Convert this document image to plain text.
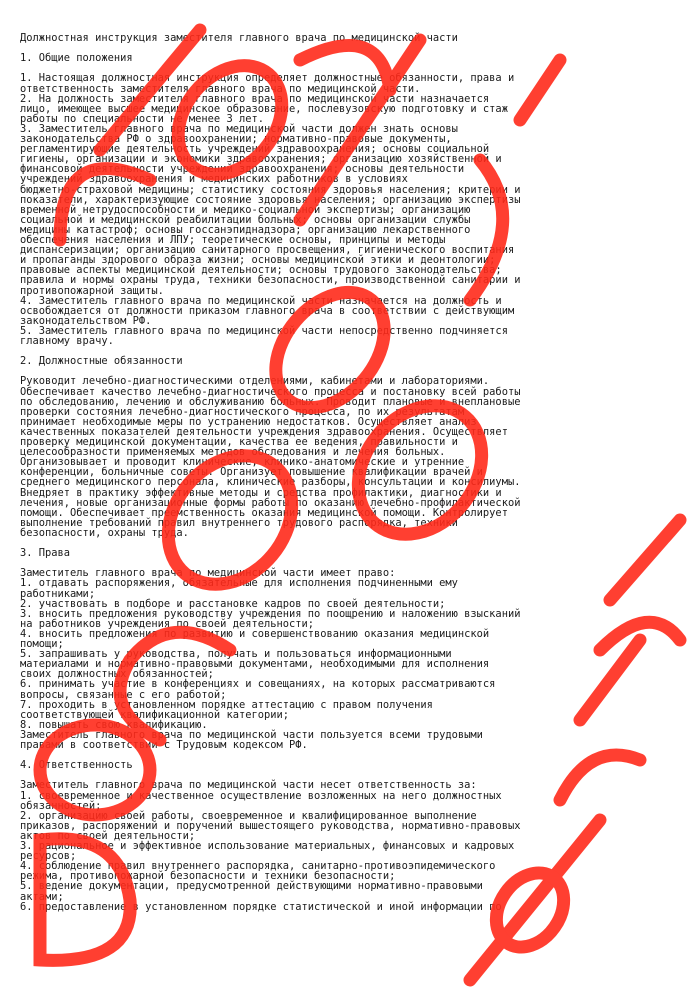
Должностная инструкция заместителя главного врача по медицинской части
1. Общие положения
1. Настоящая должностная инструкция определяет должностные обязанности, права и
ответственность заместителя главного врача по медицинской части.
2. На должность заместителя главного врача по медицинской части назначается
лицо, имеющее высшее медицинское образование, послевузовскую подготовку и стаж
работы по специальности не менее 3 лет.
3. Заместитель главного врача по медицинской части должен знать основы
законодательства РФ о здравоохранении; нормативно-правовые документы,
регламентирующие деятельность учреждений здравоохранения; основы социальной
гигиены, организации и экономики здравоохранения; организацию хозяйственной и
финансовой деятельности учреждений здравоохранения; основы деятельности
учреждений здравоохранения и медицинских работников в условиях
бюджетно-страховой медицины; статистику состояния здоровья населения; критерии и
показатели, характеризующие состояние здоровья населения; организацию экспертизы
временной нетрудоспособности и медико-социальной экспертизы; организацию
социальной и медицинской реабилитации больных; основы организации службы
медицины катастроф; основы госсанэпиднадзора; организацию лекарственного
обеспечения населения и ЛПУ; теоретические основы, принципы и методы
диспансеризации; организацию санитарного просвещения, гигиенического воспитания
и пропаганды здорового образа жизни; основы медицинской этики и деонтологии;
правовые аспекты медицинской деятельности; основы трудового законодательства;
правила и нормы охраны труда, техники безопасности, производственной санитарии и
противопожарной защиты.
4. Заместитель главного врача по медицинской части назначается на должность и
освобождается от должности приказом главного врача в соответствии с действующим
законодательством РФ.
5. Заместитель главного врача по медицинской части непосредственно подчиняется
главному врачу.
2. Должностные обязанности
Руководит лечебно-диагностическими отделениями, кабинетами и лабораториями.
Обеспечивает качество лечебно-диагностического процесса и постановку всей работы
по обследованию, лечению и обслуживанию больных. Проводит плановые и внеплановые
проверки состояния лечебно-диагностического процесса, по их результатам
принимает необходимые меры по устранению недостатков. Осуществляет анализ
качественных показателей деятельности учреждения здравоохранения. Осуществляет
проверку медицинской документации, качества ее ведения, правильности и
целесообразности применяемых методов обследования и лечения больных.
Организовывает и проводит клинические, клинико-анатомические и утренние
конференции, больничные советы. Организует повышение квалификации врачей и
среднего медицинского персонала, клинические разборы, консультации и консилиумы.
Внедряет в практику эффективные методы и средства профилактики, диагностики и
лечения, новые организационные формы работы по оказанию лечебно-профилактической
помощи. Обеспечивает преемственность оказания медицинской помощи. Контролирует
выполнение требований правил внутреннего трудового распорядка, техники
безопасности, охраны труда.
3. Права
Заместитель главного врача по медицинской части имеет право:
1. отдавать распоряжения, обязательные для исполнения подчиненными ему
работниками;
2. участвовать в подборе и расстановке кадров по своей деятельности;
3. вносить предложения руководству учреждения по поощрению и наложению взысканий
на работников учреждения по своей деятельности;
4. вносить предложения по развитию и совершенствованию оказания медицинской
помощи;
5. запрашивать у руководства, получать и пользоваться информационными
материалами и нормативно-правовыми документами, необходимыми для исполнения
своих должностных обязанностей;
6. принимать участие в конференциях и совещаниях, на которых рассматриваются
вопросы, связанные с его работой;
7. проходить в установленном порядке аттестацию с правом получения
соответствующей квалификационной категории;
8. повышать свою квалификацию.
Заместитель главного врача по медицинской части пользуется всеми трудовыми
правами в соответствии с Трудовым кодексом РФ.
4. Ответственность
Заместитель главного врача по медицинской части несет ответственность за:
1. своевременное и качественное осуществление возложенных на него должностных
обязанностей;
2. организацию своей работы, своевременное и квалифицированное выполнение
приказов, распоряжений и поручений вышестоящего руководства, нормативно-правовых
актов по своей деятельности;
3. рациональное и эффективное использование материальных, финансовых и кадровых
ресурсов;
4. соблюдение правил внутреннего распорядка, санитарно-противоэпидемического
режима, противопожарной безопасности и техники безопасности;
5. ведение документации, предусмотренной действующими нормативно-правовыми
актами;
6. предоставление в установленном порядке статистической и иной информации по
